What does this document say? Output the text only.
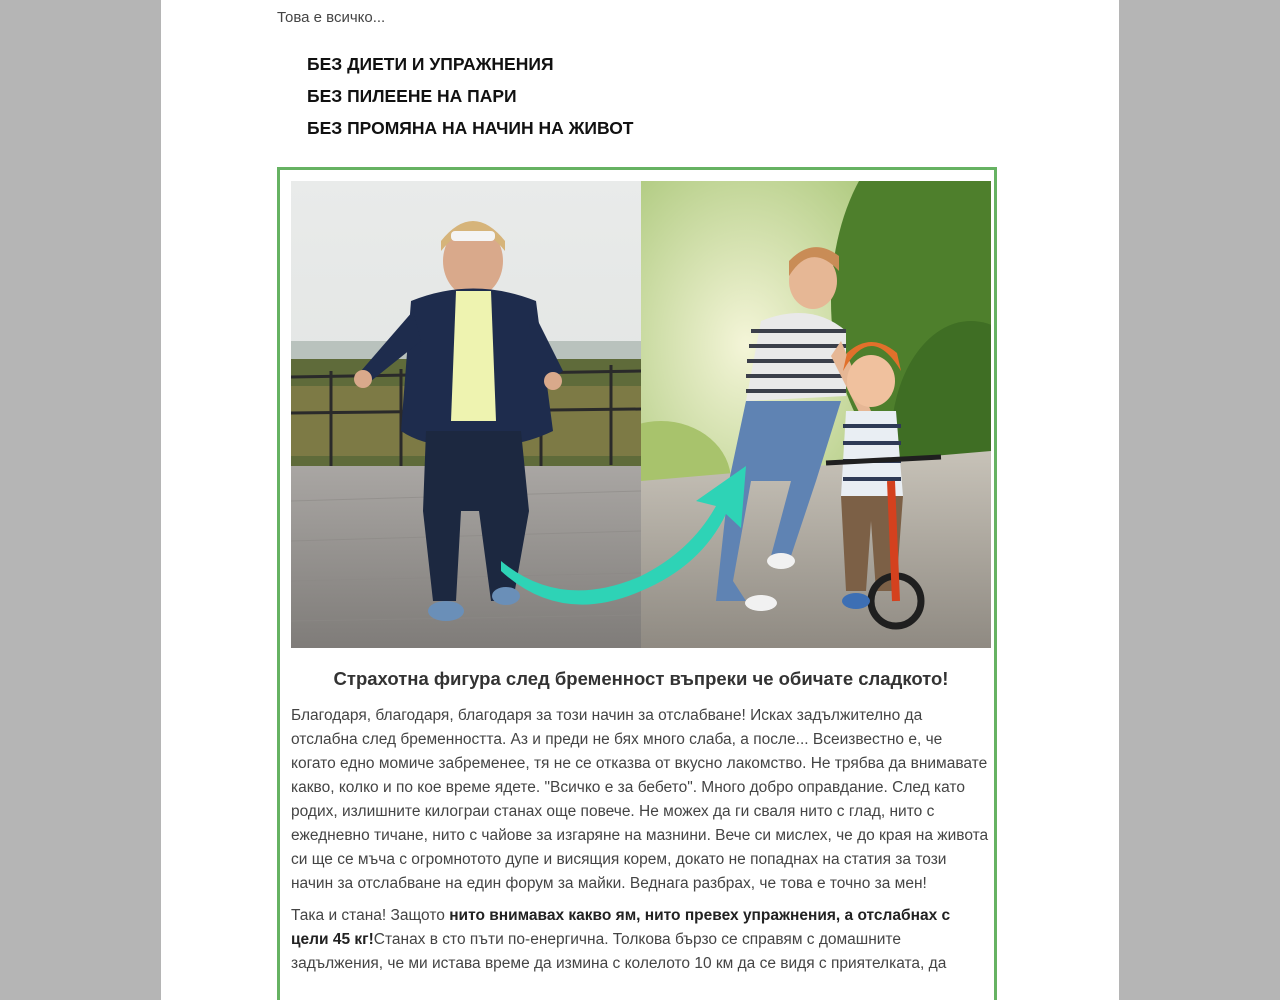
Това е всичко...

БЕЗ ДИЕТИ И УПРАЖНЕНИЯ
БЕЗ ПИЛЕЕНЕ НА ПАРИ
БЕЗ ПРОМЯНА НА НАЧИН НА ЖИВОТ
Страхотна фигура след бременност въпреки че обичате сладкото!

Благодаря, благодаря, благодаря за този начин за отслабване! Исках задължително да отслабна след бременността. Аз и преди не бях много слаба, а после... Всеизвестно е, че когато едно момиче забременее, тя не се отказва от вкусно лакомство. Не трябва да внимавате какво, колко и по кое време ядете. "Всичко е за бебето". Много добро оправдание. След като родих, излишните килограи станах още повече. Не можех да ги сваля нито с глад, нито с ежедневно тичане, нито с чайове за изгаряне на мазнини. Вече си мислех, че до края на живота си ще се мъча с огромнотото дупе и висящия корем, докато не попаднах на статия за този начин за отслабване на един форум за майки. Веднага разбрах, че това е точно за мен!

Така и стана! Защото нито внимавах какво ям, нито превех упражнения, а отслабнах с цели 45 кг!Станах в сто пъти по-енергична. Толкова бързо се справям с домашните задължения, че ми истава време да измина с колелото 10 км да се видя с приятелката, да
